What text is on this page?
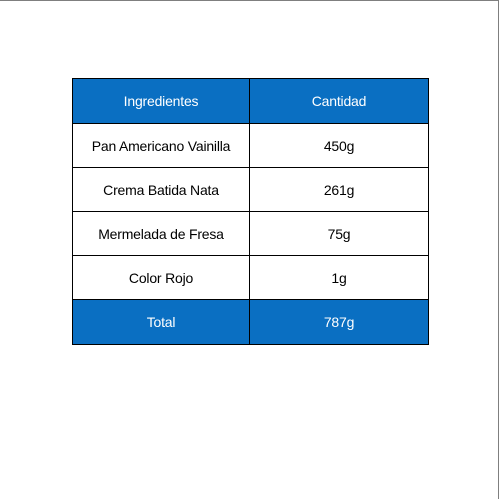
Ingredientes	Cantidad
Pan Americano Vainilla	450g
Crema Batida Nata	261g
Mermelada de Fresa	75g
Color Rojo	1g
Total	787g
